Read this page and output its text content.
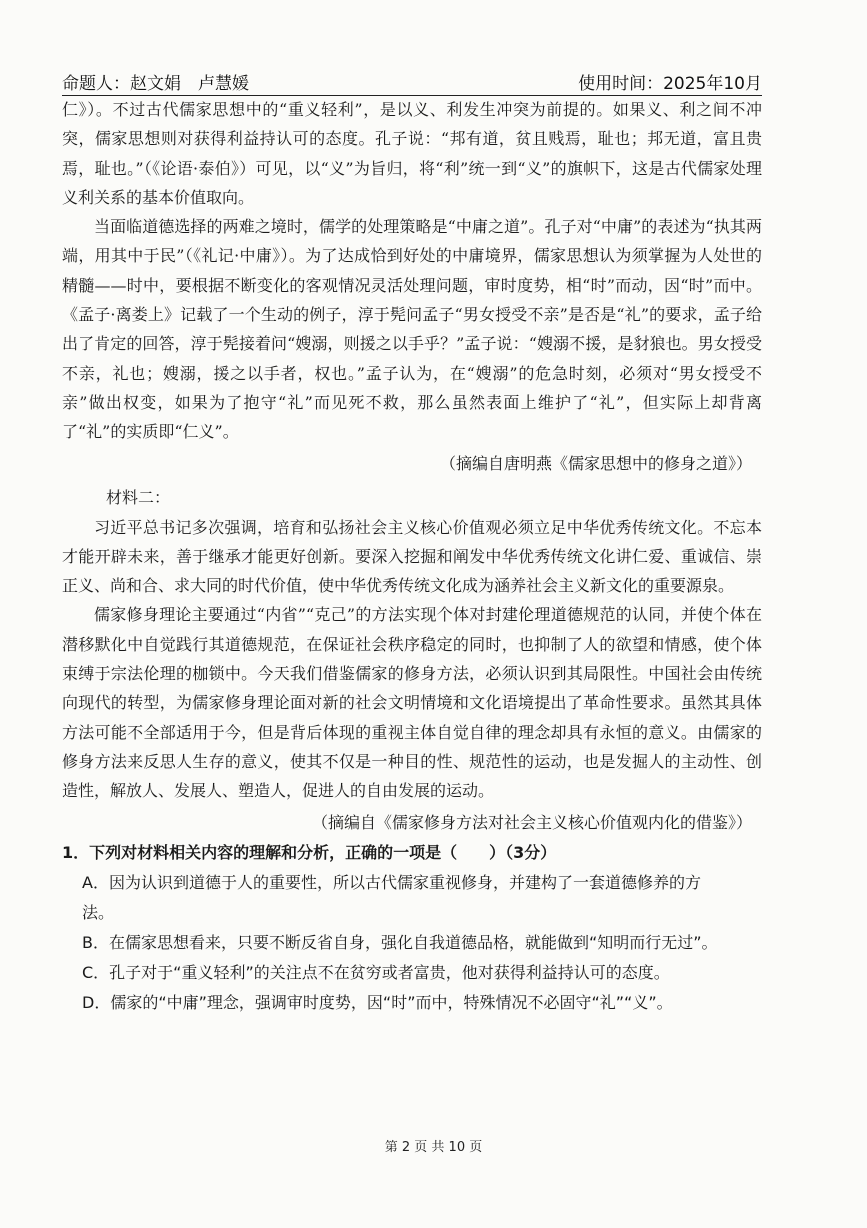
命题人：赵文娟　卢慧媛	使用时间：2025年10月

仁》）。不过古代儒家思想中的“重义轻利”，是以义、利发生冲突为前提的。如果义、利之间不冲突，儒家思想则对获得利益持认可的态度。孔子说：“邦有道，贫且贱焉，耻也；邦无道，富且贵焉，耻也。”（《论语·泰伯》）可见，以“义”为旨归，将“利”统一到“义”的旗帜下，这是古代儒家处理义利关系的基本价值取向。

当面临道德选择的两难之境时，儒学的处理策略是“中庸之道”。孔子对“中庸”的表述为“执其两端，用其中于民”（《礼记·中庸》）。为了达成恰到好处的中庸境界，儒家思想认为须掌握为人处世的精髓——时中，要根据不断变化的客观情况灵活处理问题，审时度势，相“时”而动，因“时”而中。《孟子·离娄上》记载了一个生动的例子，淳于髡问孟子“男女授受不亲”是否是“礼”的要求，孟子给出了肯定的回答，淳于髡接着问“嫂溺，则援之以手乎？”孟子说：“嫂溺不援，是豺狼也。男女授受不亲，礼也；嫂溺，援之以手者，权也。”孟子认为，在“嫂溺”的危急时刻，必须对“男女授受不亲”做出权变，如果为了抱守“礼”而见死不救，那么虽然表面上维护了“礼”，但实际上却背离了“礼”的实质即“仁义”。

（摘编自唐明燕《儒家思想中的修身之道》）

材料二：

习近平总书记多次强调，培育和弘扬社会主义核心价值观必须立足中华优秀传统文化。不忘本才能开辟未来，善于继承才能更好创新。要深入挖掘和阐发中华优秀传统文化讲仁爱、重诚信、崇正义、尚和合、求大同的时代价值，使中华优秀传统文化成为涵养社会主义新文化的重要源泉。

儒家修身理论主要通过“内省”“克己”的方法实现个体对封建伦理道德规范的认同，并使个体在潜移默化中自觉践行其道德规范，在保证社会秩序稳定的同时，也抑制了人的欲望和情感，使个体束缚于宗法伦理的枷锁中。今天我们借鉴儒家的修身方法，必须认识到其局限性。中国社会由传统向现代的转型，为儒家修身理论面对新的社会文明情境和文化语境提出了革命性要求。虽然其具体方法可能不全部适用于今，但是背后体现的重视主体自觉自律的理念却具有永恒的意义。由儒家的修身方法来反思人生存的意义，使其不仅是一种目的性、规范性的运动，也是发掘人的主动性、创造性，解放人、发展人、塑造人，促进人的自由发展的运动。

（摘编自《儒家修身方法对社会主义核心价值观内化的借鉴》）

1．下列对材料相关内容的理解和分析，正确的一项是（　　）（3分）

A．因为认识到道德于人的重要性，所以古代儒家重视修身，并建构了一套道德修养的方
法。

B．在儒家思想看来，只要不断反省自身，强化自我道德品格，就能做到“知明而行无过”。

C．孔子对于“重义轻利”的关注点不在贫穷或者富贵，他对获得利益持认可的态度。

D．儒家的“中庸”理念，强调审时度势，因“时”而中，特殊情况不必固守“礼”“义”。

第 2 页 共 10 页
